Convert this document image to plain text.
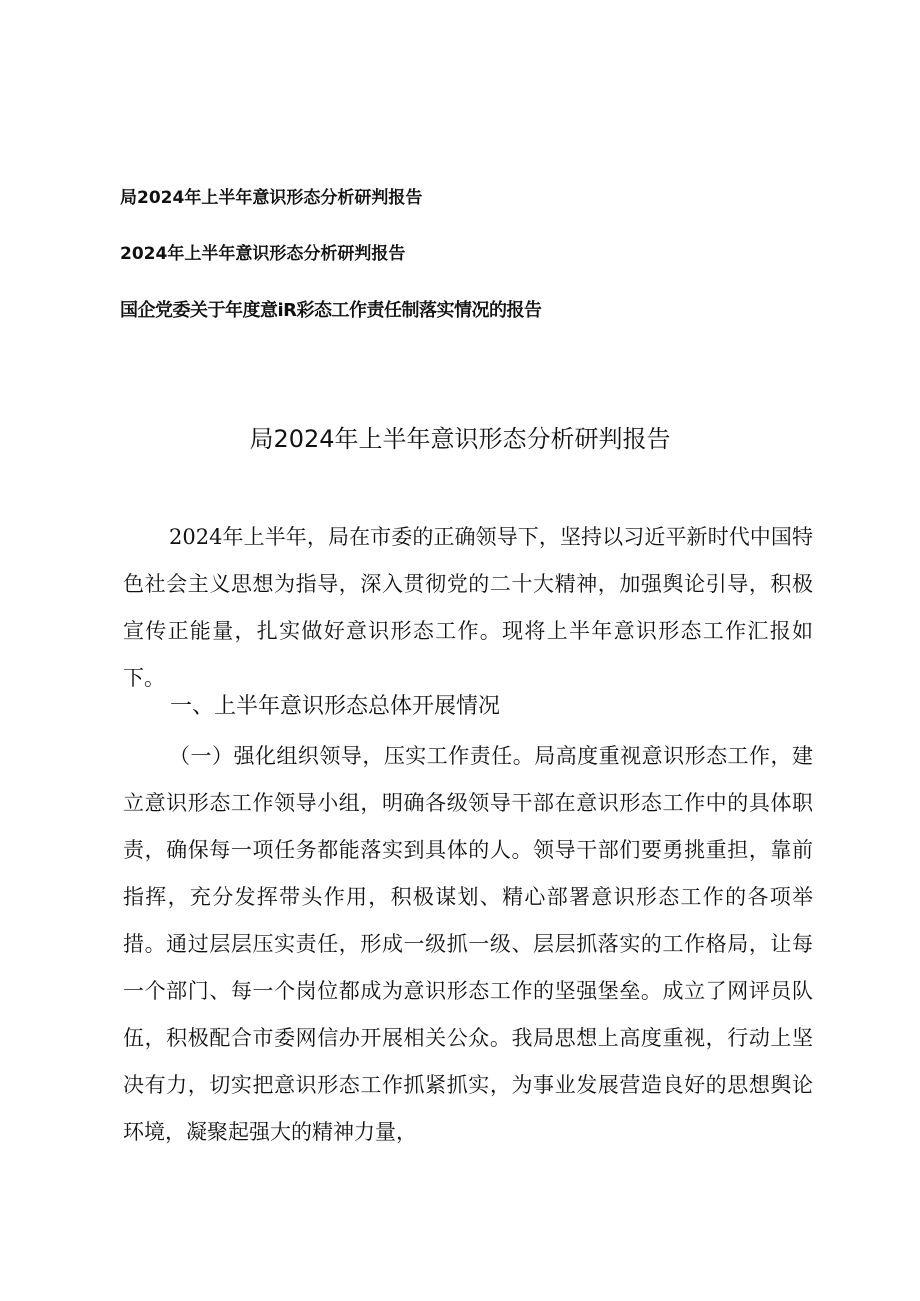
局2024年上半年意识形态分析研判报告
2024年上半年意识形态分析研判报告
国企党委关于年度意iR彩态工作责任制落实情况的报告
局2024年上半年意识形态分析研判报告

2024年上半年，局在市委的正确领导下，坚持以习近平新时代中国特色社会主义思想为指导，深入贯彻党的二十大精神，加强舆论引导，积极宣传正能量，扎实做好意识形态工作。现将上半年意识形态工作汇报如下。

一、上半年意识形态总体开展情况

（一）强化组织领导，压实工作责任。局高度重视意识形态工作，建立意识形态工作领导小组，明确各级领导干部在意识形态工作中的具体职责，确保每一项任务都能落实到具体的人。领导干部们要勇挑重担，靠前指挥，充分发挥带头作用，积极谋划、精心部署意识形态工作的各项举措。通过层层压实责任，形成一级抓一级、层层抓落实的工作格局，让每一个部门、每一个岗位都成为意识形态工作的坚强堡垒。成立了网评员队伍，积极配合市委网信办开展相关公众。我局思想上高度重视，行动上坚决有力，切实把意识形态工作抓紧抓实，为事业发展营造良好的思想舆论环境，凝聚起强大的精神力量，
